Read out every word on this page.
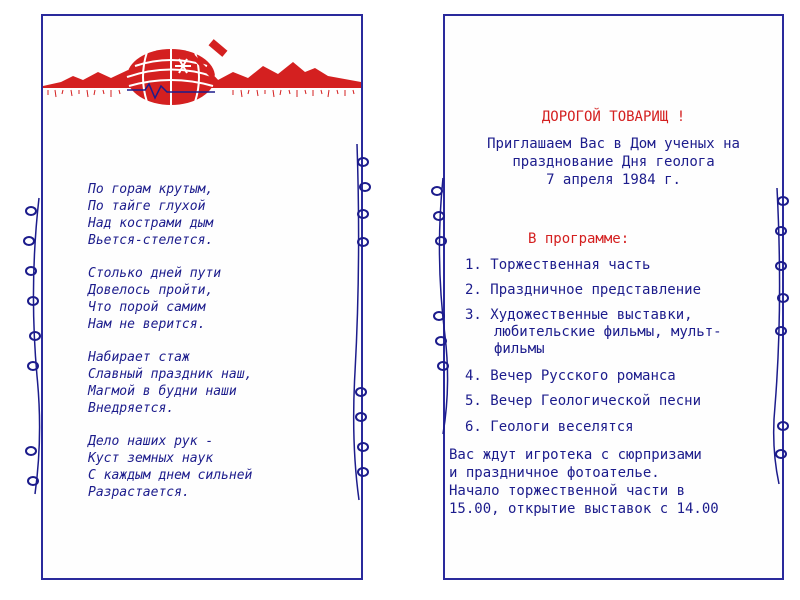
По горам крутым,
По тайге глухой
Над кострами дым
Вьется-стелется.
Столько дней пути
Довелось пройти,
Что порой самим
Нам не верится.
Набирает стаж
Славный праздник наш,
Магмой в будни наши
Внедряется.
Дело наших рук -
Куст земных наук
С каждым днем сильней
Разрастается.
ДОРОГОЙ ТОВАРИЩ !
Приглашаем Вас в Дом ученых на
празднование Дня геолога
7 апреля 1984 г.
В программе:
1. Торжественная часть
2. Праздничное представление
3. Художественные выставки,
любительские фильмы, мульт-
фильмы
4. Вечер Русского романса
5. Вечер Геологической песни
6. Геологи веселятся
Вас ждут игротека с сюрпризами
и праздничное фотоателье.
Начало торжественной части в
15.00, открытие выставок с 14.00
